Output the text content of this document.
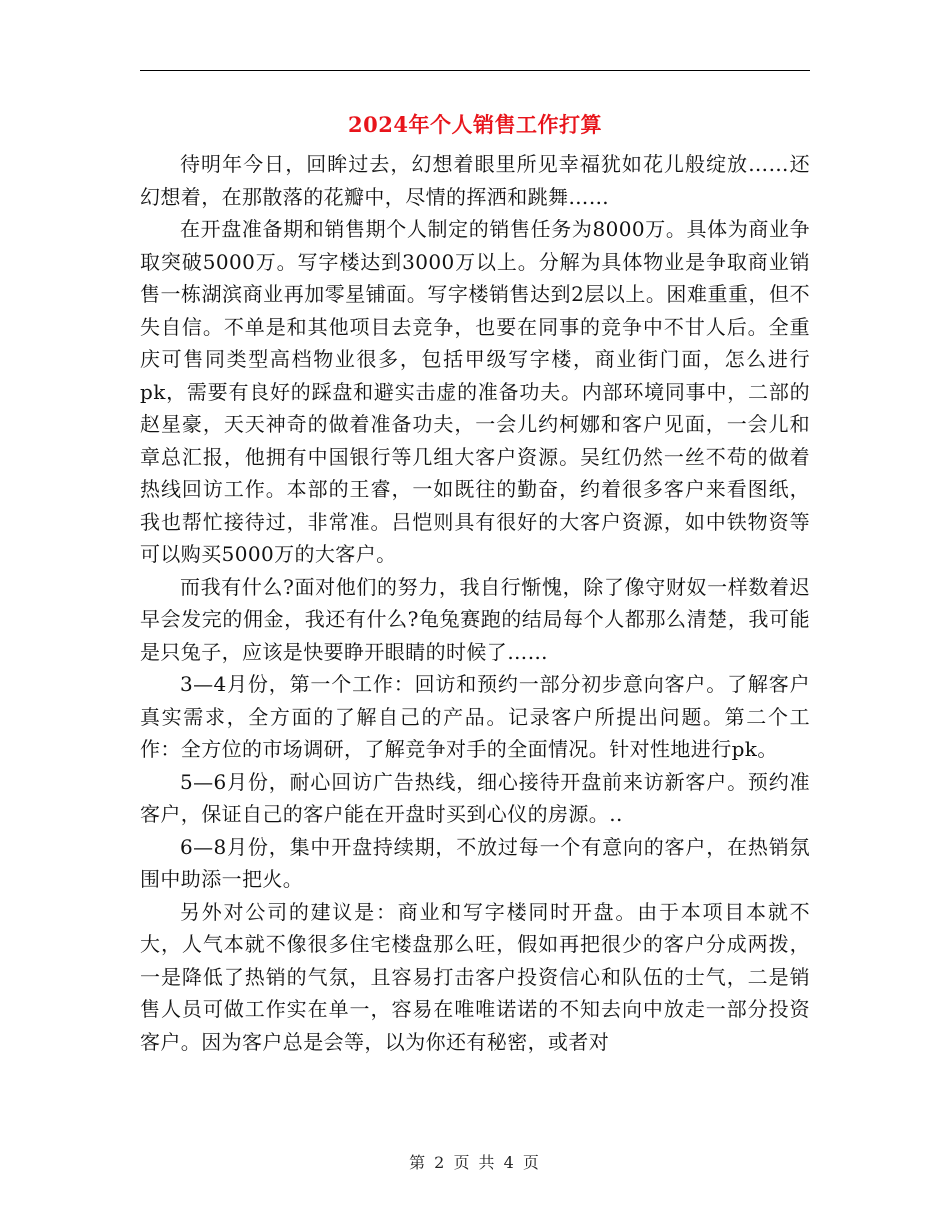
2024年个人销售工作打算

待明年今日，回眸过去，幻想着眼里所见幸福犹如花儿般绽放……还幻想着，在那散落的花瓣中，尽情的挥洒和跳舞……

在开盘准备期和销售期个人制定的销售任务为8000万。具体为商业争取突破5000万。写字楼达到3000万以上。分解为具体物业是争取商业销售一栋湖滨商业再加零星铺面。写字楼销售达到2层以上。困难重重，但不失自信。不单是和其他项目去竞争，也要在同事的竞争中不甘人后。全重庆可售同类型高档物业很多，包括甲级写字楼，商业街门面，怎么进行pk，需要有良好的踩盘和避实击虚的准备功夫。内部环境同事中，二部的赵星豪，天天神奇的做着准备功夫，一会儿约柯娜和客户见面，一会儿和章总汇报，他拥有中国银行等几组大客户资源。吴红仍然一丝不苟的做着热线回访工作。本部的王睿，一如既往的勤奋，约着很多客户来看图纸，我也帮忙接待过，非常准。吕恺则具有很好的大客户资源，如中铁物资等可以购买5000万的大客户。

而我有什么?面对他们的努力，我自行惭愧，除了像守财奴一样数着迟早会发完的佣金，我还有什么?龟兔赛跑的结局每个人都那么清楚，我可能是只兔子，应该是快要睁开眼睛的时候了……

3—4月份，第一个工作：回访和预约一部分初步意向客户。了解客户真实需求，全方面的了解自己的产品。记录客户所提出问题。第二个工作：全方位的市场调研，了解竞争对手的全面情况。针对性地进行pk。

5—6月份，耐心回访广告热线，细心接待开盘前来访新客户。预约准客户，保证自己的客户能在开盘时买到心仪的房源。..

6—8月份，集中开盘持续期，不放过每一个有意向的客户，在热销氛围中助添一把火。

另外对公司的建议是：商业和写字楼同时开盘。由于本项目本就不大，人气本就不像很多住宅楼盘那么旺，假如再把很少的客户分成两拨，一是降低了热销的气氛，且容易打击客户投资信心和队伍的士气，二是销售人员可做工作实在单一，容易在唯唯诺诺的不知去向中放走一部分投资客户。因为客户总是会等，以为你还有秘密，或者对

第 2 页 共 4 页
